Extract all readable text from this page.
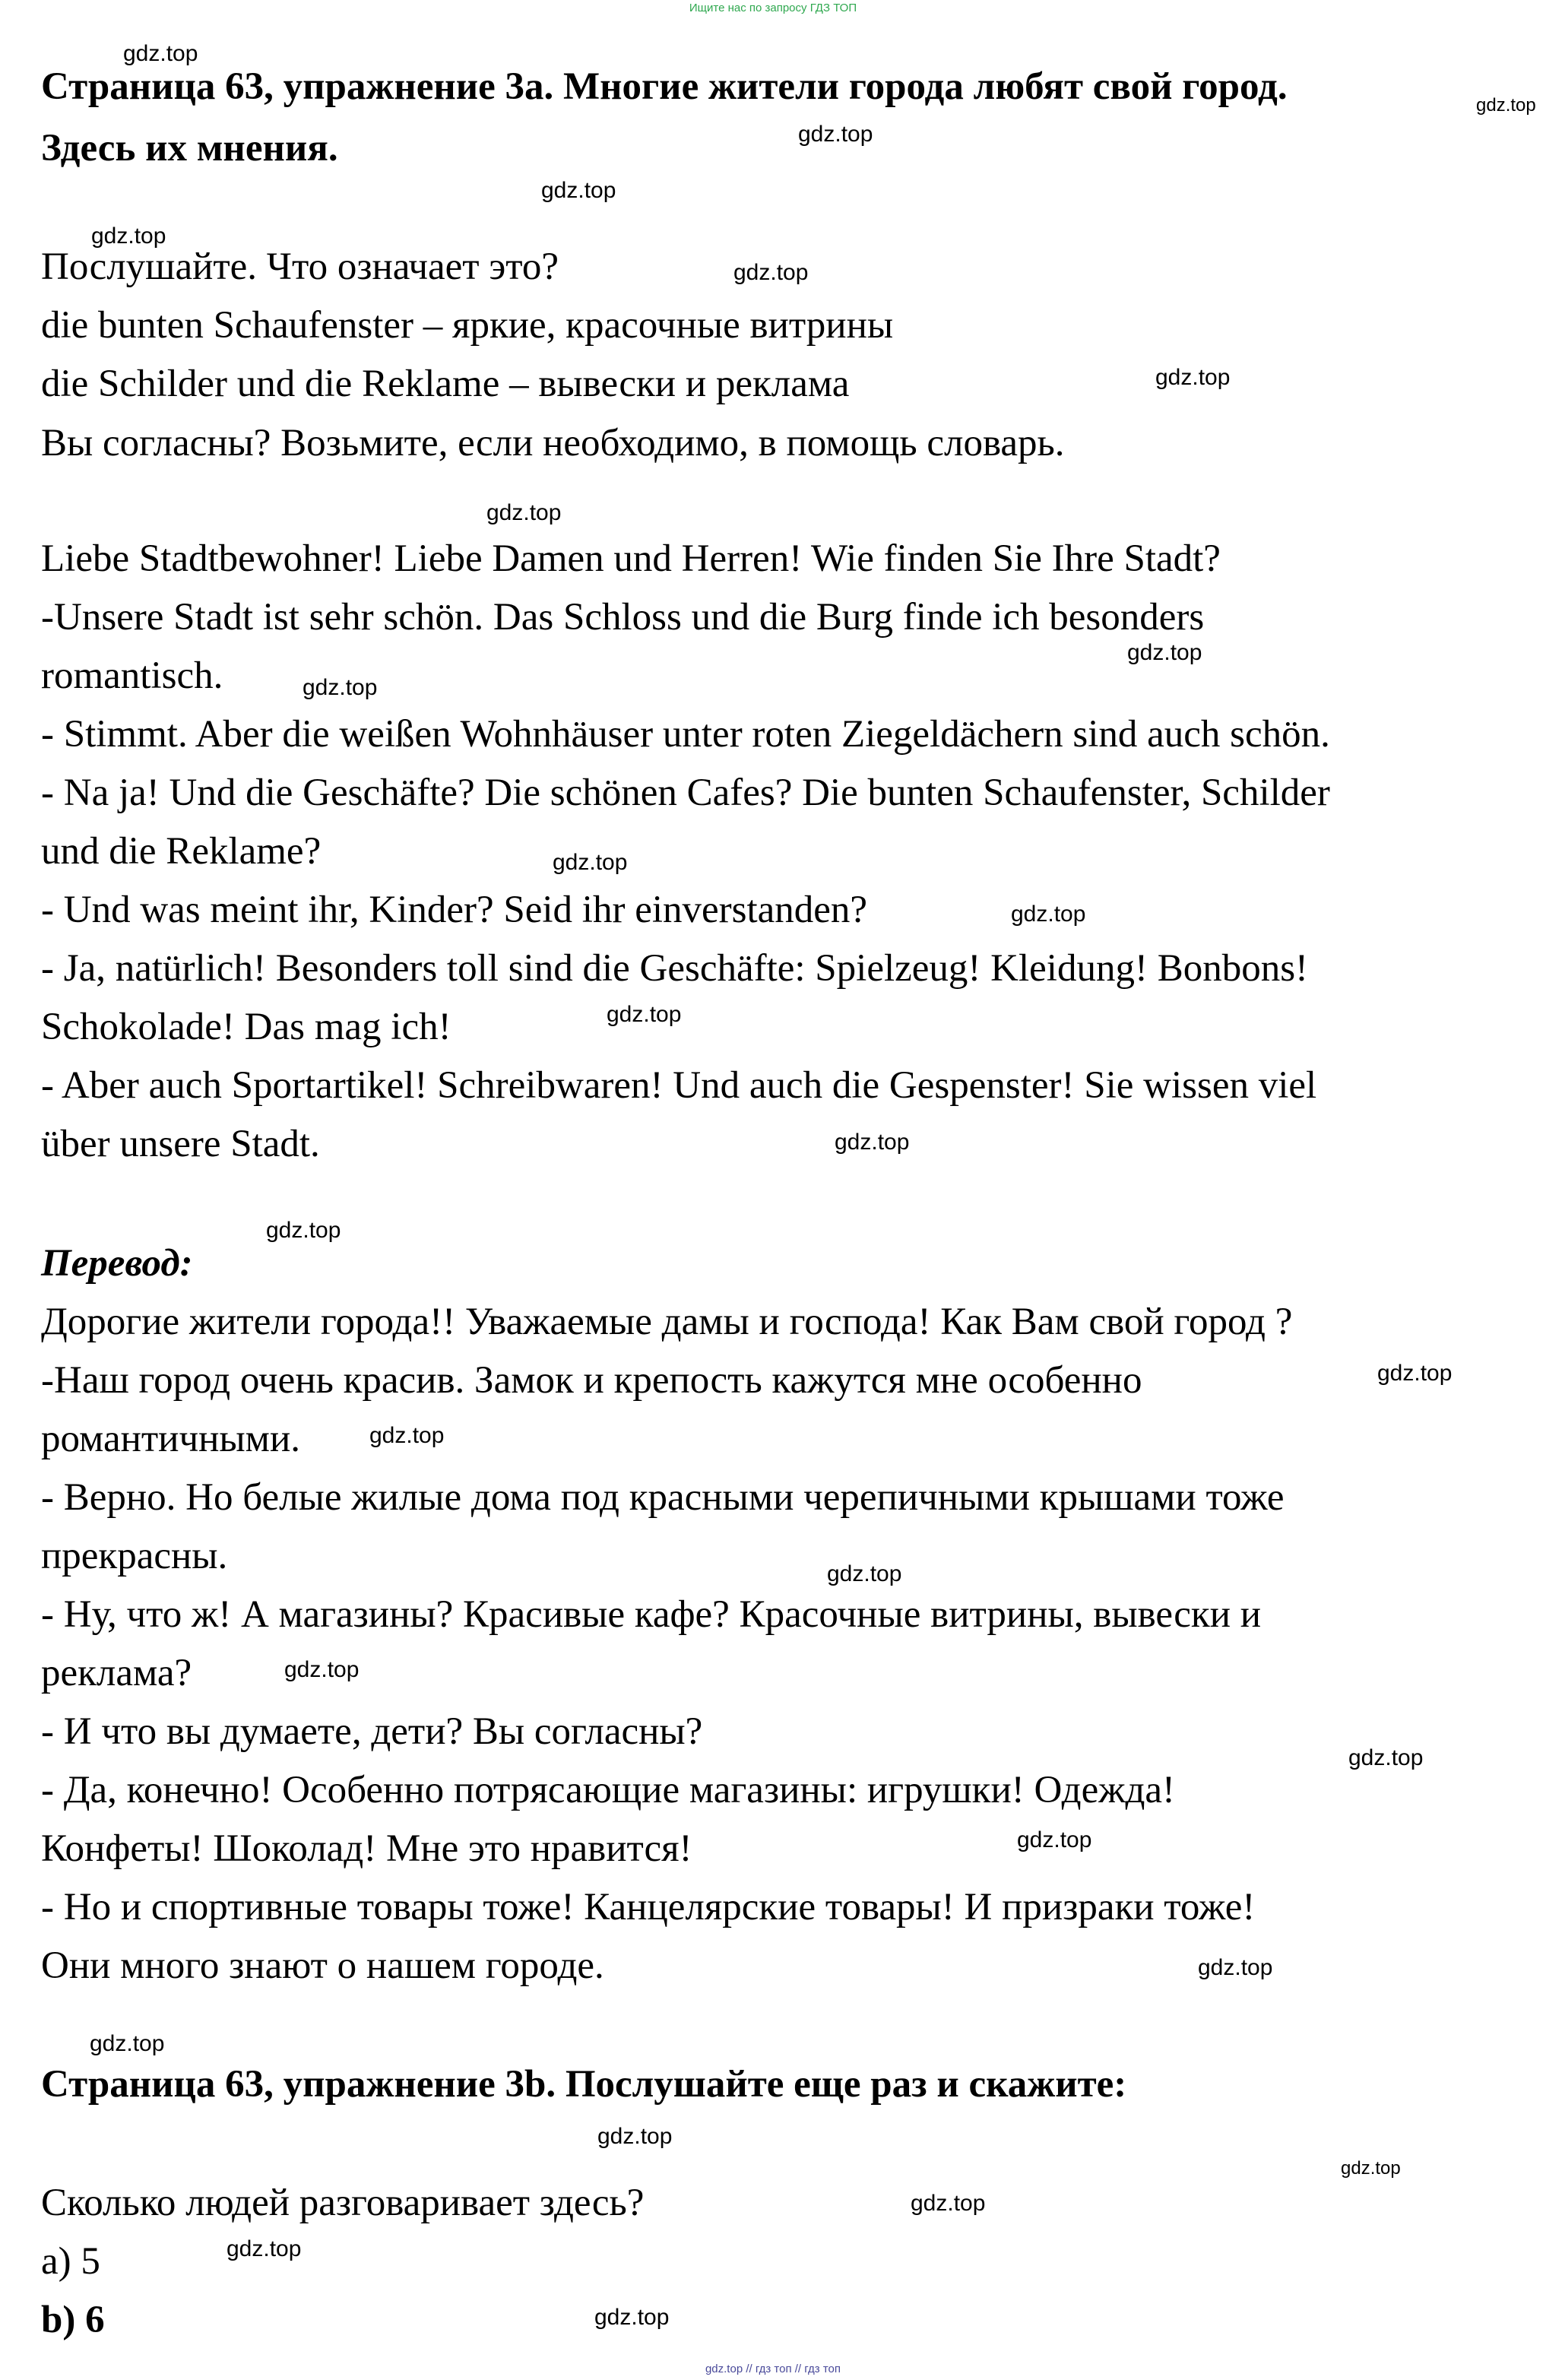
Ищите нас по запросу ГДЗ ТОП

Страница 63, упражнение 3а. Многие жители города любят свой город.

Здесь их мнения.

Послушайте. Что означает это?

die bunten Schaufenster – яркие, красочные витрины

die Schilder und die Reklame – вывески и реклама

Вы согласны? Возьмите, если необходимо, в помощь словарь.

Liebe Stadtbewohner! Liebe Damen und Herren! Wie finden Sie Ihre Stadt?

-Unsere Stadt ist sehr schön. Das Schloss und die Burg finde ich besonders

romantisch.

- Stimmt. Aber die weißen Wohnhäuser unter roten Ziegeldächern sind auch schön.

- Na ja! Und die Geschäfte? Die schönen Cafes? Die bunten Schaufenster, Schilder

und die Reklame?

- Und was meint ihr, Kinder? Seid ihr einverstanden?

- Ja, natürlich! Besonders toll sind die Geschäfte: Spielzeug! Kleidung! Bonbons!

Schokolade! Das mag ich!

- Aber auch Sportartikel! Schreibwaren! Und auch die Gespenster! Sie wissen viel

über unsere Stadt.

Перевод:

Дорогие жители города!! Уважаемые дамы и господа! Как Вам свой город ?

-Наш город очень красив. Замок и крепость кажутся мне особенно

романтичными.

- Верно. Но белые жилые дома под красными черепичными крышами тоже

прекрасны.

- Ну, что ж! А магазины? Красивые кафе? Красочные витрины, вывески и

реклама?

- И что вы думаете, дети? Вы согласны?

- Да, конечно! Особенно потрясающие магазины: игрушки! Одежда!

Конфеты! Шоколад! Мне это нравится!

- Но и спортивные товары тоже! Канцелярские товары! И призраки тоже!

Они много знают о нашем городе.

Страница 63, упражнение 3b. Послушайте еще раз и скажите:

Сколько людей разговаривает здесь?

а) 5

b) 6

gdz.top
gdz.top
gdz.top
gdz.top
gdz.top
gdz.top
gdz.top
gdz.top
gdz.top
gdz.top
gdz.top
gdz.top
gdz.top
gdz.top
gdz.top
gdz.top
gdz.top
gdz.top
gdz.top
gdz.top
gdz.top
gdz.top
gdz.top
gdz.top
gdz.top
gdz.top
gdz.top
gdz.top
gdz.top // гдз топ // гдз топ
